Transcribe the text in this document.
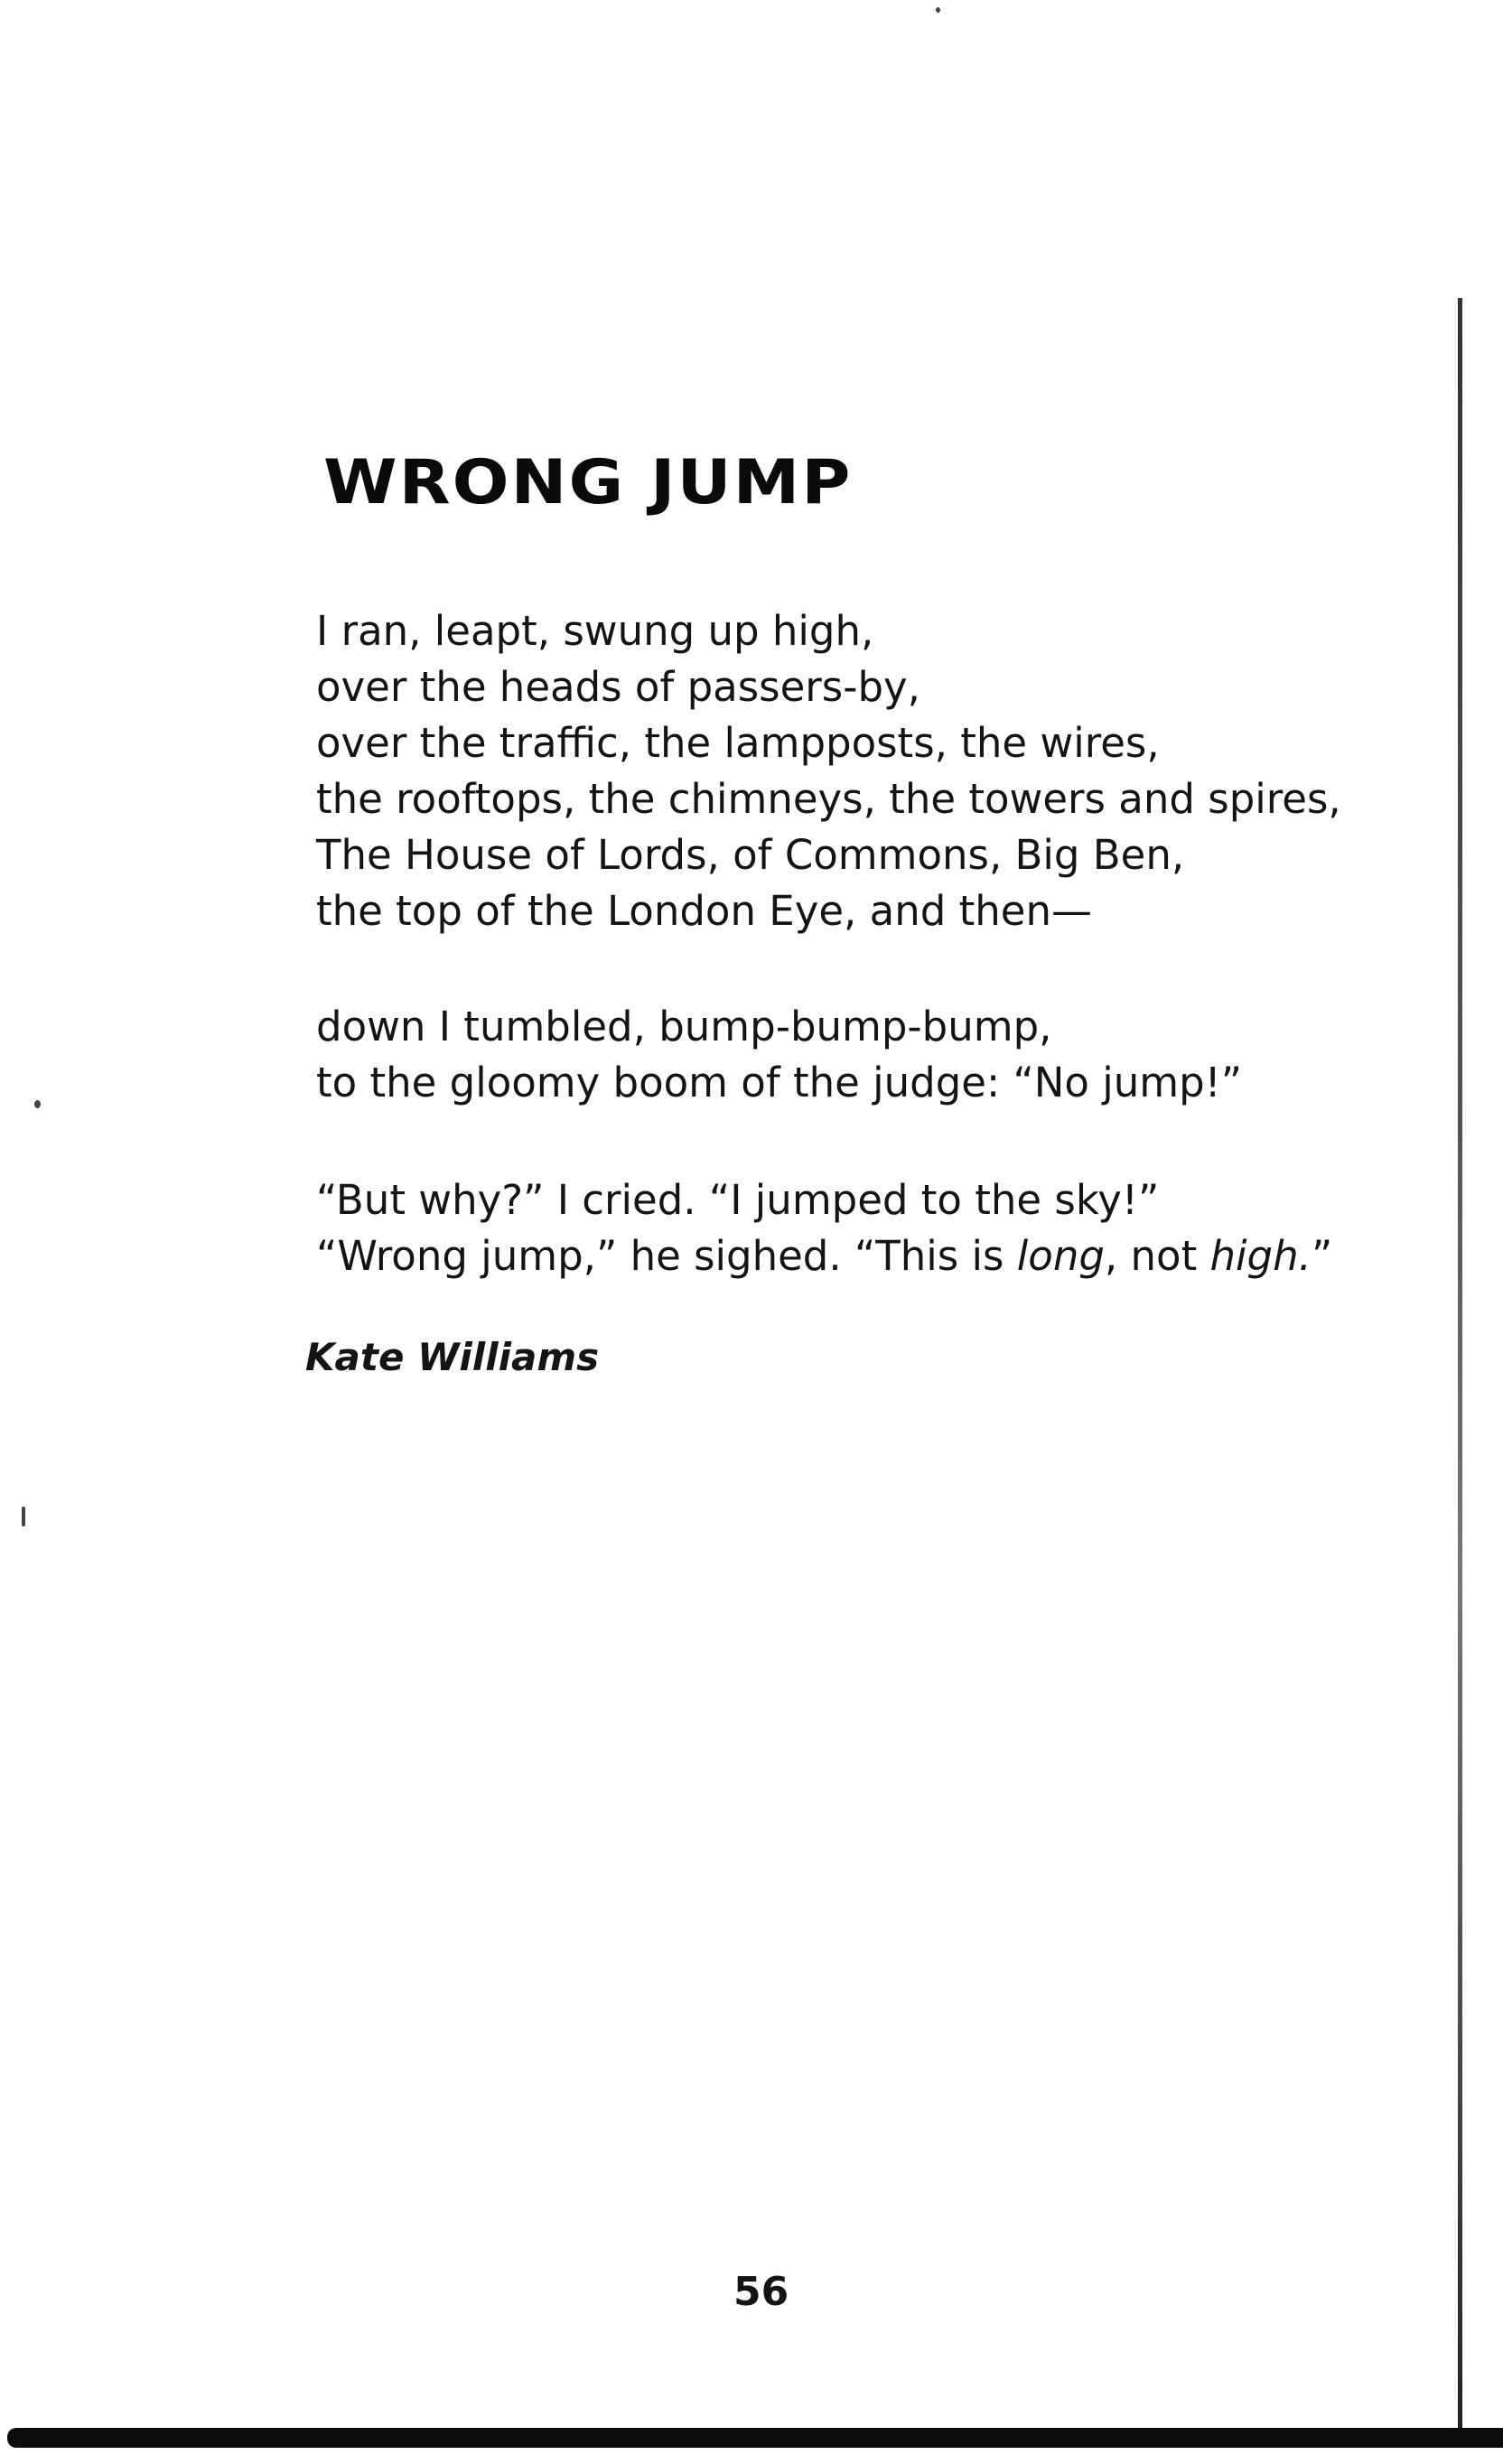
WRONG JUMP
I ran, leapt, swung up high,
over the heads of passers-by,
over the traffic, the lampposts, the wires,
the rooftops, the chimneys, the towers and spires,
The House of Lords, of Commons, Big Ben,
the top of the London Eye, and then—
down I tumbled, bump-bump-bump,
to the gloomy boom of the judge: “No jump!”
“But why?” I cried. “I jumped to the sky!”
“Wrong jump,” he sighed. “This is long, not high.”

Kate Williams

56
